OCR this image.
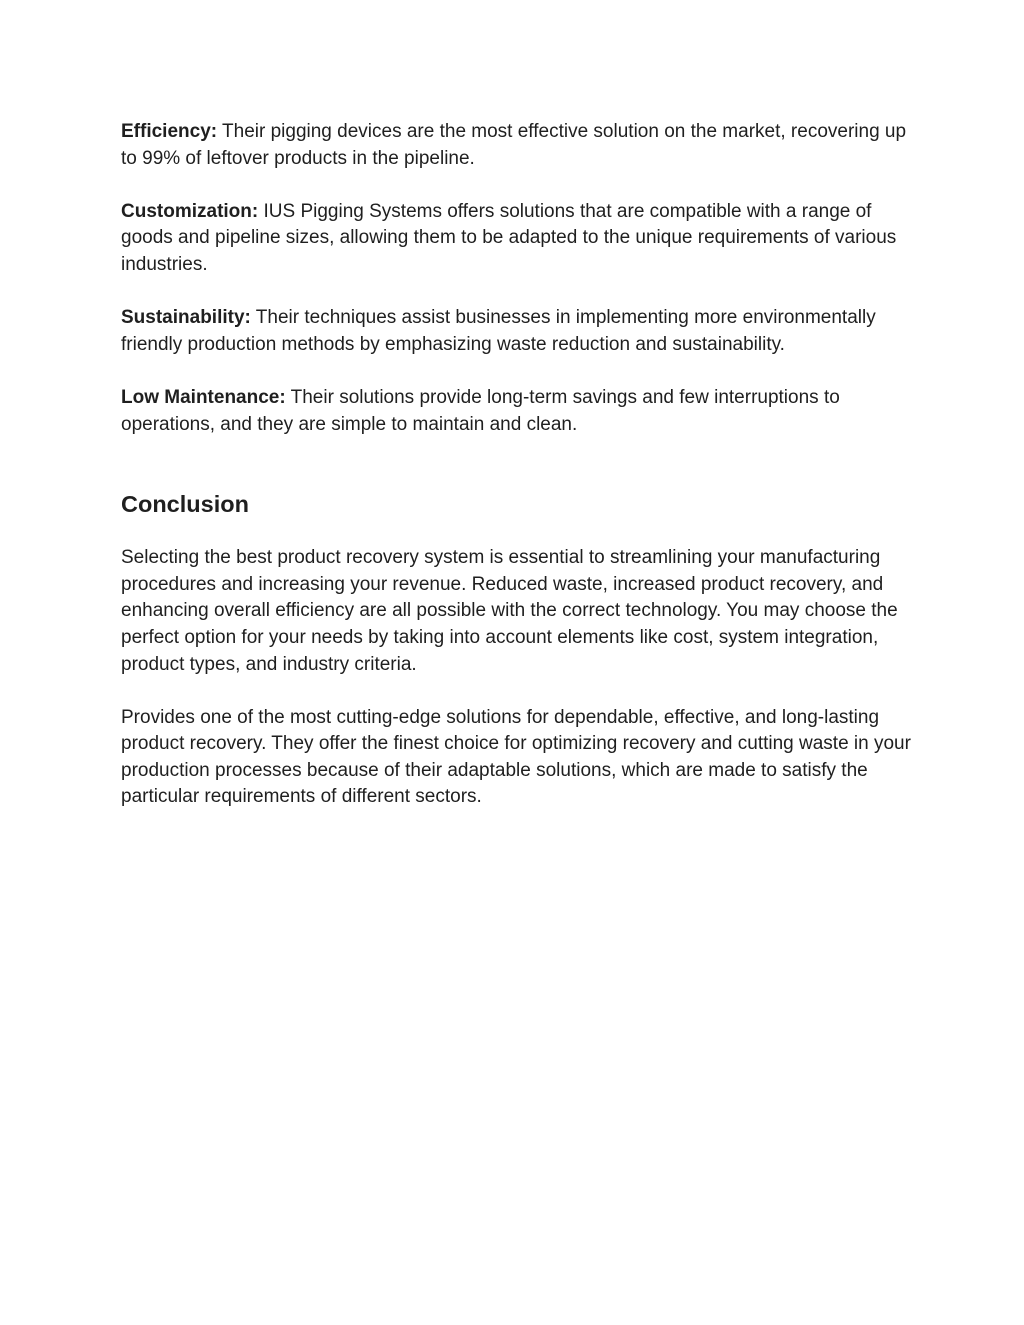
Efficiency: Their pigging devices are the most effective solution on the market, recovering up to 99% of leftover products in the pipeline.

Customization: IUS Pigging Systems offers solutions that are compatible with a range of goods and pipeline sizes, allowing them to be adapted to the unique requirements of various industries.

Sustainability: Their techniques assist businesses in implementing more environmentally friendly production methods by emphasizing waste reduction and sustainability.

Low Maintenance: Their solutions provide long-term savings and few interruptions to operations, and they are simple to maintain and clean.

Conclusion

Selecting the best product recovery system is essential to streamlining your manufacturing procedures and increasing your revenue. Reduced waste, increased product recovery, and enhancing overall efficiency are all possible with the correct technology. You may choose the perfect option for your needs by taking into account elements like cost, system integration, product types, and industry criteria.

Provides one of the most cutting-edge solutions for dependable, effective, and long-lasting product recovery. They offer the finest choice for optimizing recovery and cutting waste in your production processes because of their adaptable solutions, which are made to satisfy the particular requirements of different sectors.
